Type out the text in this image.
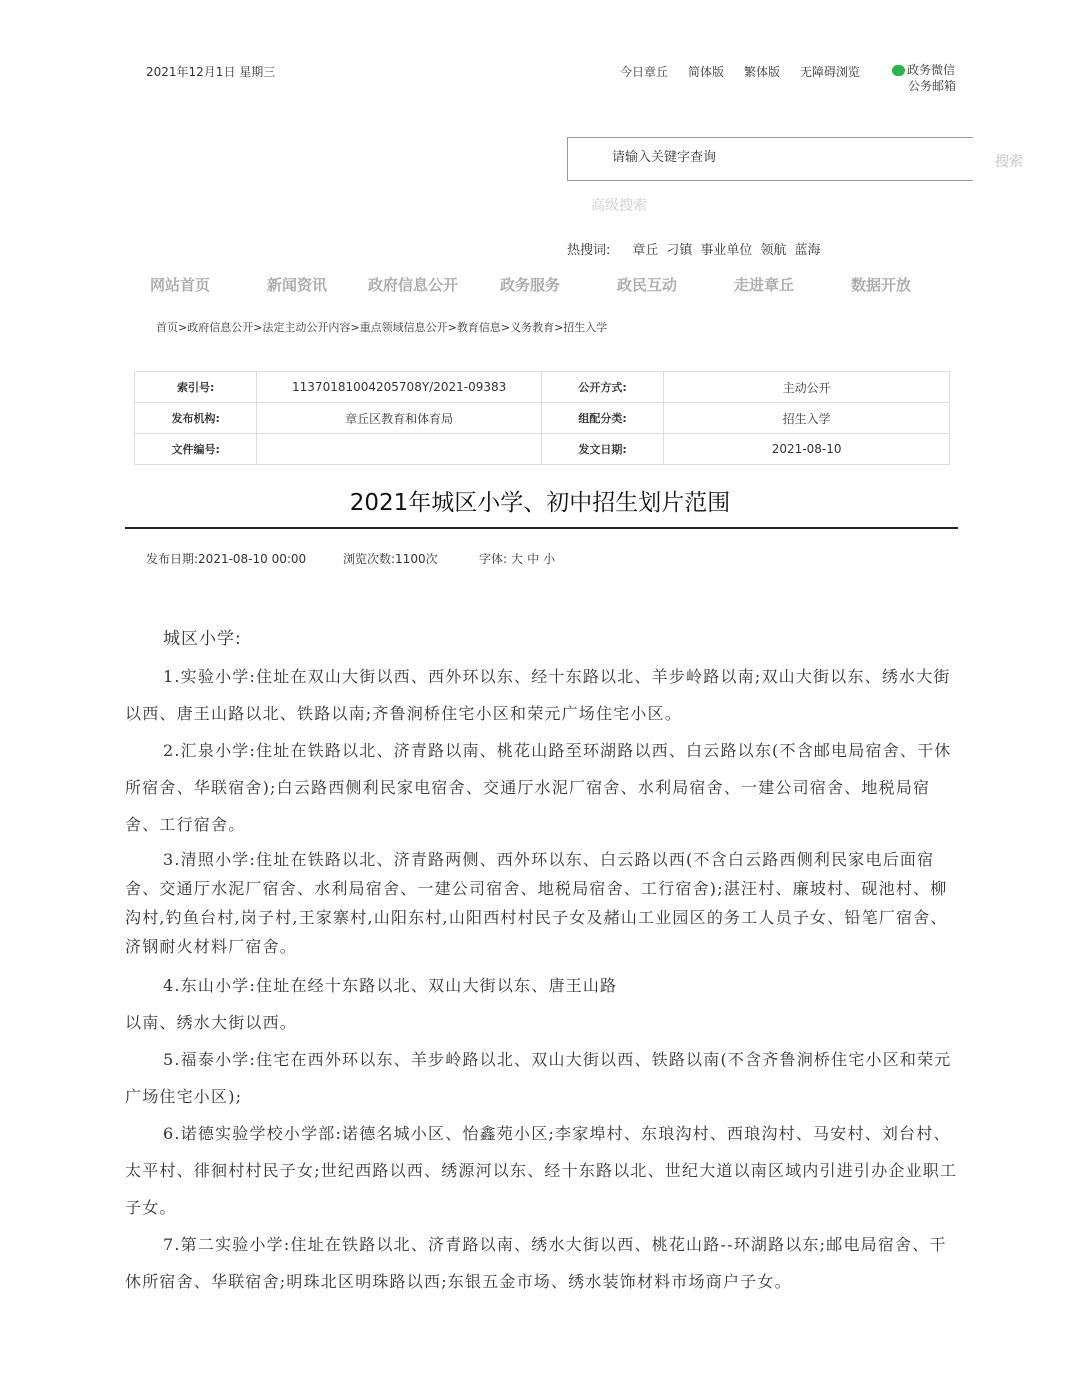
2021年12月1日 星期三	今日章丘 简体版 繁体版 无障碍浏览	政务微信
公务邮箱
请输入关键字查询
搜索
高级搜索
热搜词: 章丘 刁镇 事业单位 领航 蓝海
网站首页	新闻资讯	政府信息公开	政务服务	政民互动	走进章丘	数据开放
首页>政府信息公开>法定主动公开内容>重点领域信息公开>教育信息>义务教育>招生入学
索引号:	11370181004205708Y/2021-09383	公开方式:	主动公开
发布机构:	章丘区教育和体育局	组配分类:	招生入学
文件编号:		发文日期:	2021-08-10
2021年城区小学、初中招生划片范围
发布日期:2021-08-10 00:00	浏览次数:1100次	字体: 大 中 小

城区小学:

1.实验小学:住址在双山大街以西、西外环以东、经十东路以北、羊步岭路以南;双山大街以东、绣水大街以西、唐王山路以北、铁路以南;齐鲁涧桥住宅小区和荣元广场住宅小区。

2.汇泉小学:住址在铁路以北、济青路以南、桃花山路至环湖路以西、白云路以东(不含邮电局宿舍、干休所宿舍、华联宿舍);白云路西侧利民家电宿舍、交通厅水泥厂宿舍、水利局宿舍、一建公司宿舍、地税局宿舍、工行宿舍。

3.清照小学:住址在铁路以北、济青路两侧、西外环以东、白云路以西(不含白云路西侧利民家电后面宿舍、交通厅水泥厂宿舍、水利局宿舍、一建公司宿舍、地税局宿舍、工行宿舍);湛汪村、廉坡村、砚池村、柳沟村,钓鱼台村,岗子村,王家寨村,山阳东村,山阳西村村民子女及赭山工业园区的务工人员子女、铅笔厂宿舍、济钢耐火材料厂宿舍。

4.东山小学:住址在经十东路以北、双山大街以东、唐王山路

以南、绣水大街以西。

5.福泰小学:住宅在西外环以东、羊步岭路以北、双山大街以西、铁路以南(不含齐鲁涧桥住宅小区和荣元广场住宅小区);

6.诺德实验学校小学部:诺德名城小区、怡鑫苑小区;李家埠村、东琅沟村、西琅沟村、马安村、刘台村、太平村、徘徊村村民子女;世纪西路以西、绣源河以东、经十东路以北、世纪大道以南区域内引进引办企业职工子女。

7.第二实验小学:住址在铁路以北、济青路以南、绣水大街以西、桃花山路--环湖路以东;邮电局宿舍、干休所宿舍、华联宿舍;明珠北区明珠路以西;东银五金市场、绣水装饰材料市场商户子女。
